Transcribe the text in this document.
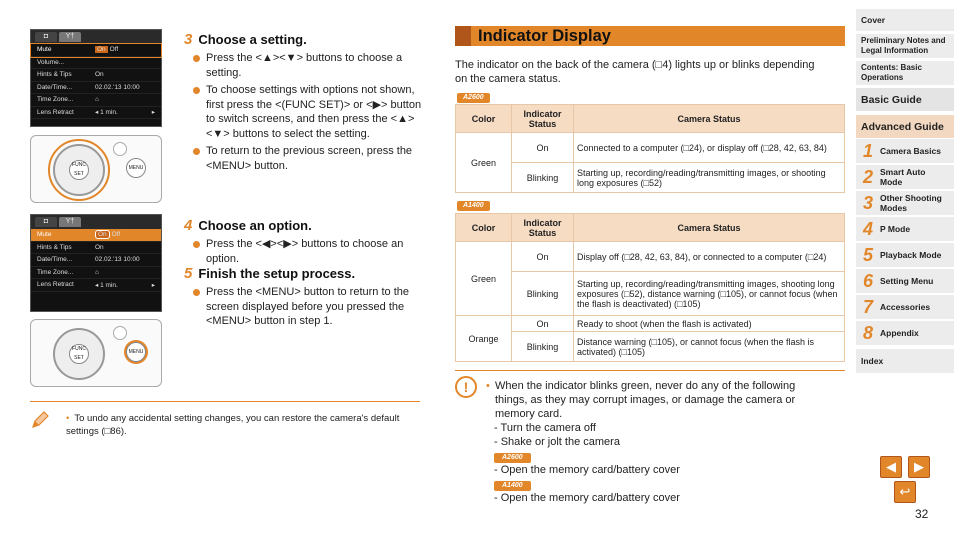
◘	Υ†
Mute	On Off
Volume...
Hints & Tips	On
Date/Time...	02.02.'13 10:00
Time Zone...	⌂
Lens Retract	◂ 1 min.	▸
FUNC SET
MENU
◘	Υ†
Mute	On Off
Hints & Tips	On
Date/Time...	02.02.'13 10:00
Time Zone...	⌂
Lens Retract	◂ 1 min.	▸
FUNC SET
MENU
3 Choose a setting.
Press the <▲><▼> buttons to choose a setting.
To choose settings with options not shown, first press the <(FUNC SET)> or <▶> button to switch screens, and then press the <▲><▼> buttons to select the setting.
To return to the previous screen, press the <MENU> button.
4 Choose an option.
Press the <◀><▶> buttons to choose an option.
5 Finish the setup process.
Press the <MENU> button to return to the screen displayed before you pressed the <MENU> button in step 1.
• To undo any accidental setting changes, you can restore the camera's default settings (□86).
Indicator Display
The indicator on the back of the camera (□4) lights up or blinks depending on the camera status.
A2600
Color	Indicator Status	Camera Status
Green	On	Connected to a computer (□24), or display off (□28, 42, 63, 84)
	Blinking	Starting up, recording/reading/transmitting images, or shooting long exposures (□52)
A1400
Color	Indicator Status	Camera Status
Green	On	Display off (□28, 42, 63, 84), or connected to a computer (□24)
	Blinking	Starting up, recording/reading/transmitting images, shooting long exposures (□52), distance warning (□105), or cannot focus (when the flash is deactivated) (□105)
Orange	On	Ready to shoot (when the flash is activated)
	Blinking	Distance warning (□105), or cannot focus (when the flash is activated) (□105)
!	• When the indicator blinks green, never do any of the following things, as they may corrupt images, or damage the camera or memory card.
- Turn the camera off
- Shake or jolt the camera
A2600
- Open the memory card/battery cover
A1400
- Open the memory card/battery cover
Cover
Preliminary Notes and Legal Information
Contents: Basic Operations
Basic Guide
Advanced Guide
1 Camera Basics
2 Smart Auto Mode
3 Other Shooting Modes
4 P Mode
5 Playback Mode
6 Setting Menu
7 Accessories
8 Appendix
Index
◀	▶
↩
32
